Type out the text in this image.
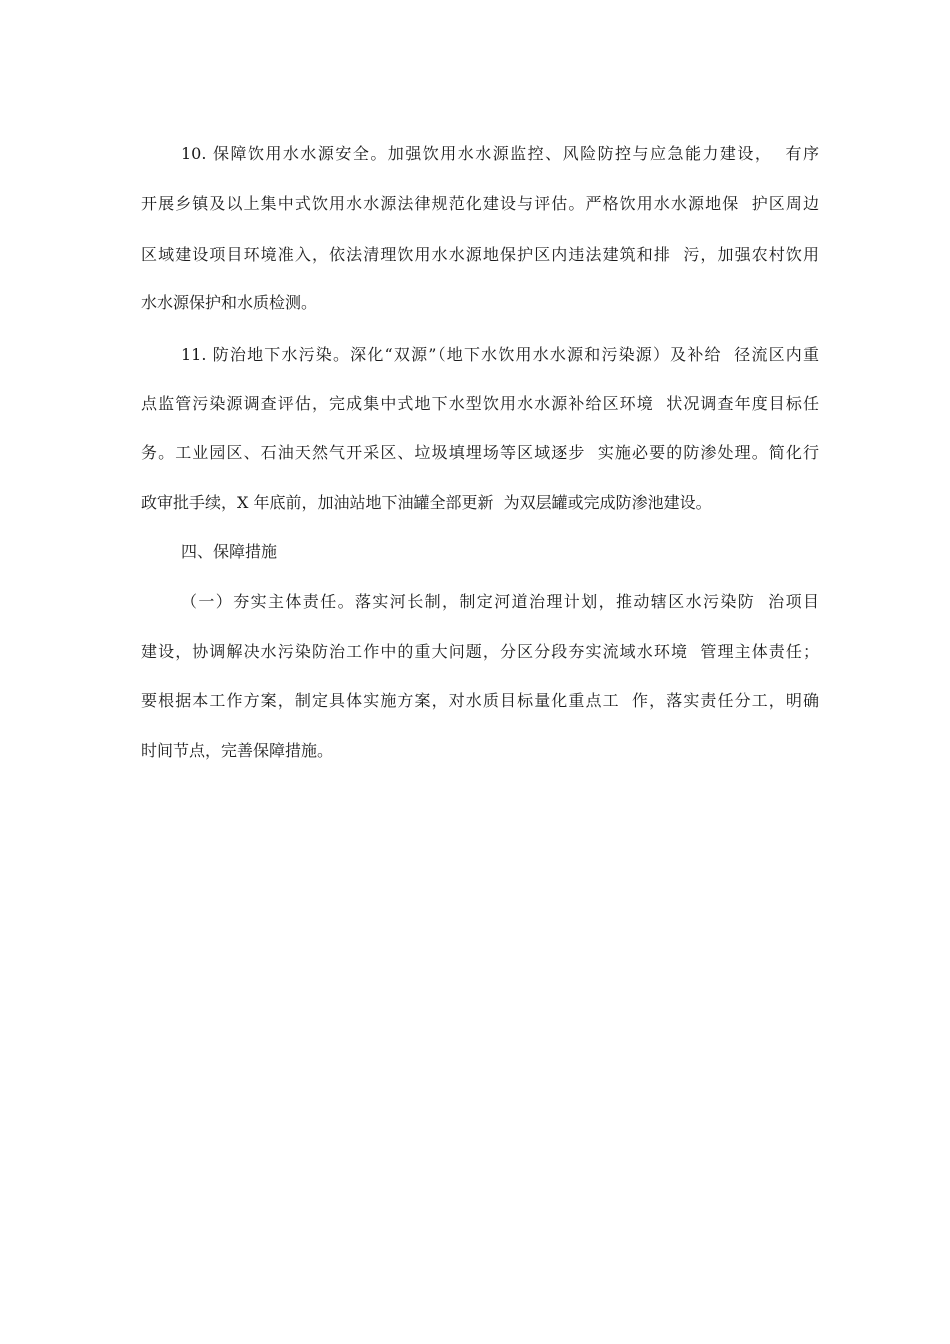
10. 保障饮用水水源安全。加强饮用水水源监控、风险防控与应急能力建设，  有序
开展乡镇及以上集中式饮用水水源法律规范化建设与评估。严格饮用水水源地保  护区周边
区域建设项目环境准入，依法清理饮用水水源地保护区内违法建筑和排  污，加强农村饮用
水水源保护和水质检测。
11. 防治地下水污染。深化“双源”（地下水饮用水水源和污染源）及补给  径流区内重
点监管污染源调查评估，完成集中式地下水型饮用水水源补给区环境  状况调查年度目标任
务。工业园区、石油天然气开采区、垃圾填埋场等区域逐步  实施必要的防渗处理。简化行
政审批手续，X 年底前，加油站地下油罐全部更新  为双层罐或完成防渗池建设。
四、保障措施
（一）夯实主体责任。落实河长制，制定河道治理计划，推动辖区水污染防  治项目
建设，协调解决水污染防治工作中的重大问题，分区分段夯实流域水环境  管理主体责任；
要根据本工作方案，制定具体实施方案，对水质目标量化重点工  作，落实责任分工，明确
时间节点，完善保障措施。
